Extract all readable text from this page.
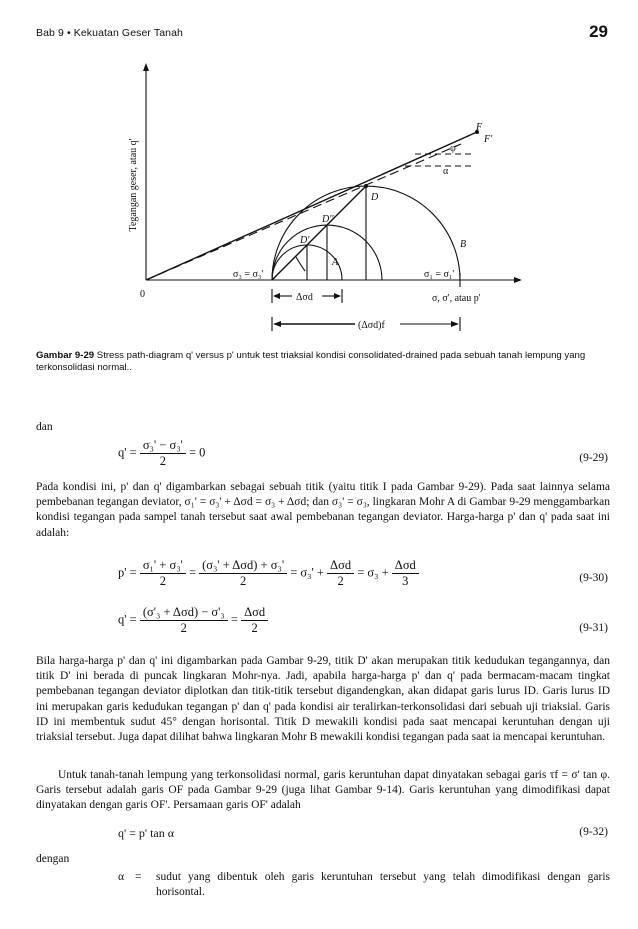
Bab 9 • Kekuatan Geser Tanah	29
Tegangan geser, atau q'
0	σ, σ', atau p'
F
F'
φ
α
D
D''
D'
A
B
σ₃ = σ₃'	σ₁ = σ₁'
Δσd
(Δσd)f
Gambar 9-29 Stress path-diagram q' versus p' untuk test triaksial kondisi consolidated-drained pada sebuah tanah lempung yang terkonsolidasi normal..
dan
$q' = \frac{\text{σ₃' − σ₃'}}{2} = 0$	(9-29)
Pada kondisi ini, p' dan q' digambarkan sebagai sebuah titik (yaitu titik I pada Gambar 9-29). Pada saat lainnya selama pembebanan tegangan deviator, σ₁' = σ₃' + Δσd = σ₃ + Δσd; dan σ₃' = σ₃, lingkaran Mohr A di Gambar 9-29 menggambarkan kondisi tegangan pada sampel tanah tersebut saat awal pembebanan tegangan deviator. Harga-harga p' dan q' pada saat ini adalah:
$p' = \frac{\text{σ₁' + σ₃'}}{2} = \frac{\text{(σ₃' + Δσd) + σ₃'}}{2} = \sigma_3' + \frac{\text{Δσd}}{2} = \sigma_3 + \frac{\text{Δσd}}{3}$	(9-30)
$q' = \frac{\text{(σ'₃ + Δσd) − σ'₃}}{2} = \frac{\text{Δσd}}{2}$	(9-31)
Bila harga-harga p' dan q' ini digambarkan pada Gambar 9-29, titik D' akan merupakan titik kedudukan tegangannya, dan titik D' ini berada di puncak lingkaran Mohr-nya. Jadi, apabila harga-harga p' dan q' pada bermacam-macam tingkat pembebanan tegangan deviator diplotkan dan titik-titik tersebut digandengkan, akan didapat garis lurus ID. Garis lurus ID ini merupakan garis kedudukan tegangan p' dan q' pada kondisi air teralirkan-terkonsolidasi dari sebuah uji triaksial. Garis ID ini membentuk sudut 45° dengan horisontal. Titik D mewakili kondisi pada saat mencapai keruntuhan dengan uji triaksial tersebut. Juga dapat dilihat bahwa lingkaran Mohr B mewakili kondisi tegangan pada saat ia mencapai keruntuhan.
Untuk tanah-tanah lempung yang terkonsolidasi normal, garis keruntuhan dapat dinyatakan sebagai garis τf = σ' tan φ. Garis tersebut adalah garis OF pada Gambar 9-29 (juga lihat Gambar 9-14). Garis keruntuhan yang dimodifikasi dapat dinyatakan dengan garis OF'. Persamaan garis OF' adalah
q' = p' tan α	(9-32)
dengan
α =	sudut yang dibentuk oleh garis keruntuhan tersebut yang telah dimodifikasi dengan garis horisontal.
